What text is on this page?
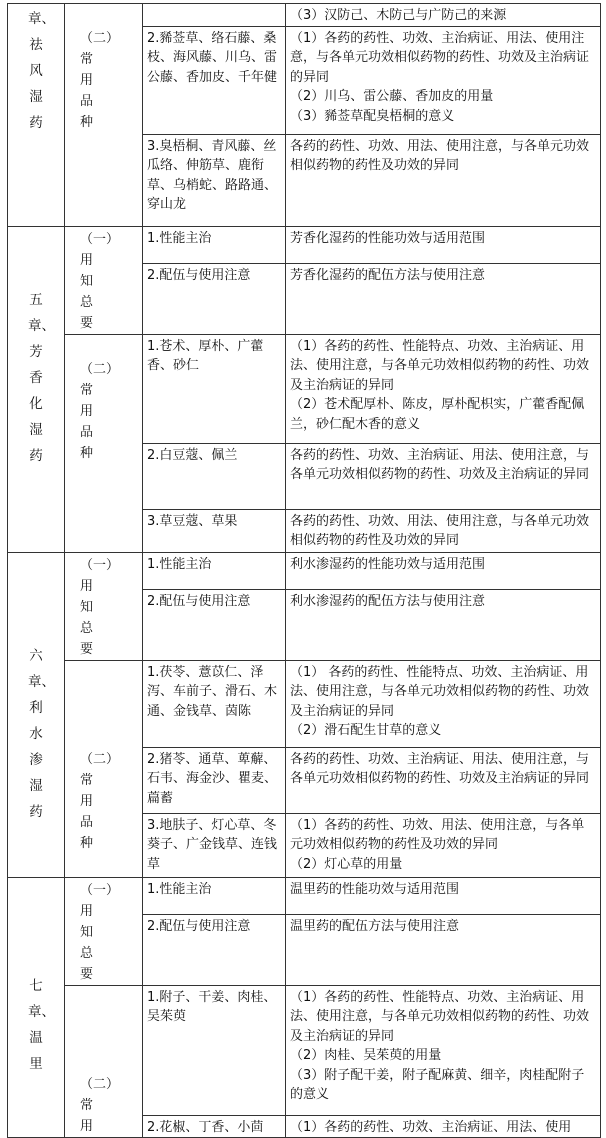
章、祛风湿药	（二）常用品种		（3）汉防己、木防己与广防己的来源

		2.豨莶草、络石藤、桑枝、海风藤、川乌、雷公藤、香加皮、千年健	（1）各药的药性、功效、主治病证、用法、使用注意，与各单元功效相似药物的药性、功效及主治病证的异同

（2）川乌、雷公藤、香加皮的用量

（3）豨莶草配臭梧桐的意义

		3.臭梧桐、青风藤、丝瓜络、伸筋草、鹿衔草、乌梢蛇、路路通、穿山龙	各药的药性、功效、用法、使用注意，与各单元功效相似药物的药性及功效的异同

五章、芳香化湿药	（一）用知总要	1.性能主治	芳香化湿药的性能功效与适用范围

		2.配伍与使用注意	芳香化湿药的配伍方法与使用注意

	（二）常用品种	1.苍术、厚朴、广藿香、砂仁	（1）各药的药性、性能特点、功效、主治病证、用法、使用注意，与各单元功效相似药物的药性、功效及主治病证的异同

（2）苍术配厚朴、陈皮，厚朴配枳实，广藿香配佩兰，砂仁配木香的意义

		2.白豆蔻、佩兰	各药的药性、功效、主治病证、用法、使用注意，与各单元功效相似药物的药性、功效及主治病证的异同

		3.草豆蔻、草果	各药的药性、功效、用法、使用注意，与各单元功效相似药物的药性及功效的异同

六章、利水渗湿药	（一）用知总要	1.性能主治	利水渗湿药的性能功效与适用范围

		2.配伍与使用注意	利水渗湿药的配伍方法与使用注意

	（二）常用品种	1.茯苓、薏苡仁、泽泻、车前子、滑石、木通、金钱草、茵陈	（1） 各药的药性、性能特点、功效、主治病证、用法、使用注意，与各单元功效相似药物的药性、功效及主治病证的异同

（2）滑石配生甘草的意义

		2.猪苓、通草、萆薢、石韦、海金沙、瞿麦、萹蓄	各药的药性、功效、主治病证、用法、使用注意，与各单元功效相似药物的药性、功效及主治病证的异同

		3.地肤子、灯心草、冬葵子、广金钱草、连钱草	（1）各药的药性、功效、用法、使用注意，与各单元功效相似药物的药性及功效的异同

（2）灯心草的用量

七章、温里	（一）用知总要	1.性能主治	温里药的性能功效与适用范围

		2.配伍与使用注意	温里药的配伍方法与使用注意

	（二）常用	1.附子、干姜、肉桂、吴茱萸	（1）各药的药性、性能特点、功效、主治病证、用法、使用注意，与各单元功效相似药物的药性、功效及主治病证的异同

（2）肉桂、吴茱萸的用量

（3）附子配干姜，附子配麻黄、细辛，肉桂配附子的意义

		2.花椒、丁香、小茴	（1）各药的药性、功效、主治病证、用法、使用
